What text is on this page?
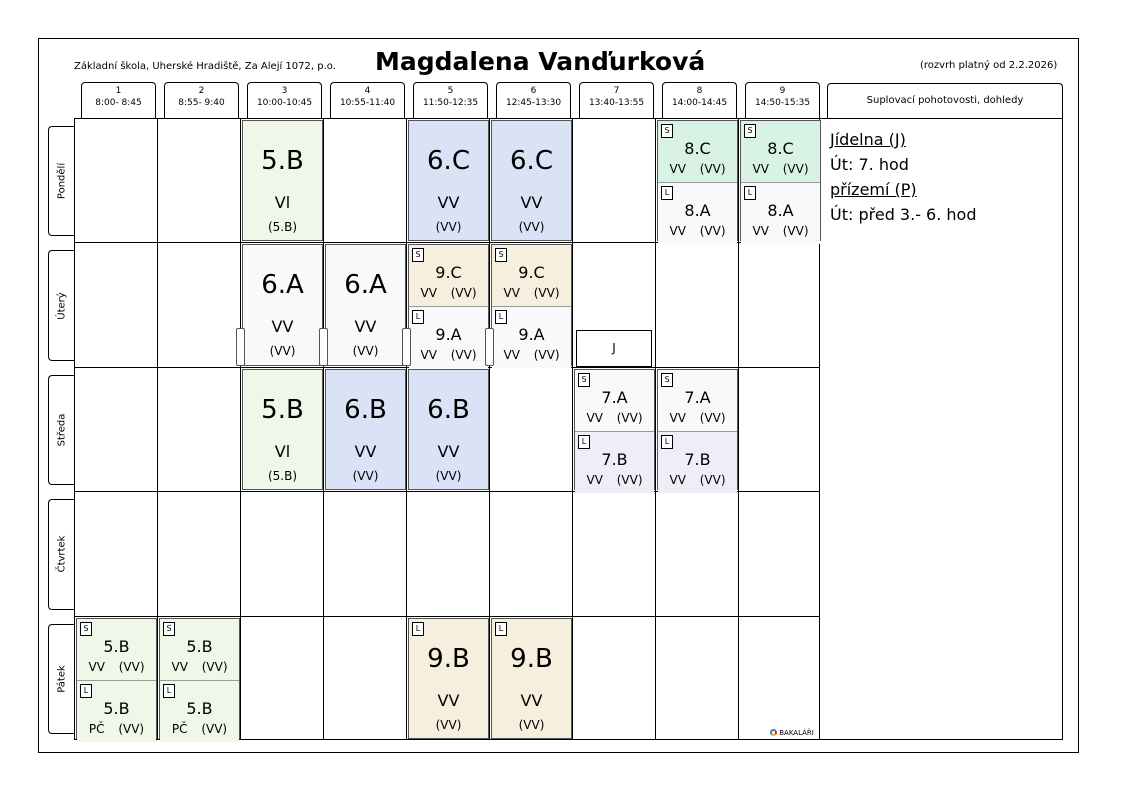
Základní škola, Uherské Hradiště, Za Alejí 1072, p.o. Magdalena Vanďurková	(rozvrh platný od 2.2.2026)
1
8:00- 8:45
2
8:55- 9:40
3
10:00-10:45
4
10:55-11:40
5
11:50-12:35
6
12:45-13:30
7
13:40-13:55
8
14:00-14:45
9
14:50-15:35	Suplovací pohotovosti, dohledy
Pondělí
Úterý
Středa
Čtvrtek
Pátek
Jídelna (J)
Út: 7. hod
přízemí (P)
Út: před 3.- 6. hod
5.B
Vl
(5.B)
6.C
VV
(VV)
6.C
VV
(VV)
6.A
VV
(VV)
6.A
VV
(VV)
5.B
Vl
(5.B)
6.B
VV
(VV)
6.B
VV
(VV)
L
9.B
VV
(VV)
L
9.B
VV
(VV)
S
8.C
VV (VV)
L
8.A
VV (VV)
S
8.C
VV (VV)
L
8.A
VV (VV)
S
9.C
VV (VV)
L
9.A
VV (VV)
S
9.C
VV (VV)
L
9.A
VV (VV)
S
7.A
VV (VV)
L
7.B
VV (VV)
S
7.A
VV (VV)
L
7.B
VV (VV)
S
5.B
VV (VV)
L
5.B
PČ (VV)
S
5.B
VV (VV)
L
5.B
PČ (VV)
J
BAKALÁŘI
